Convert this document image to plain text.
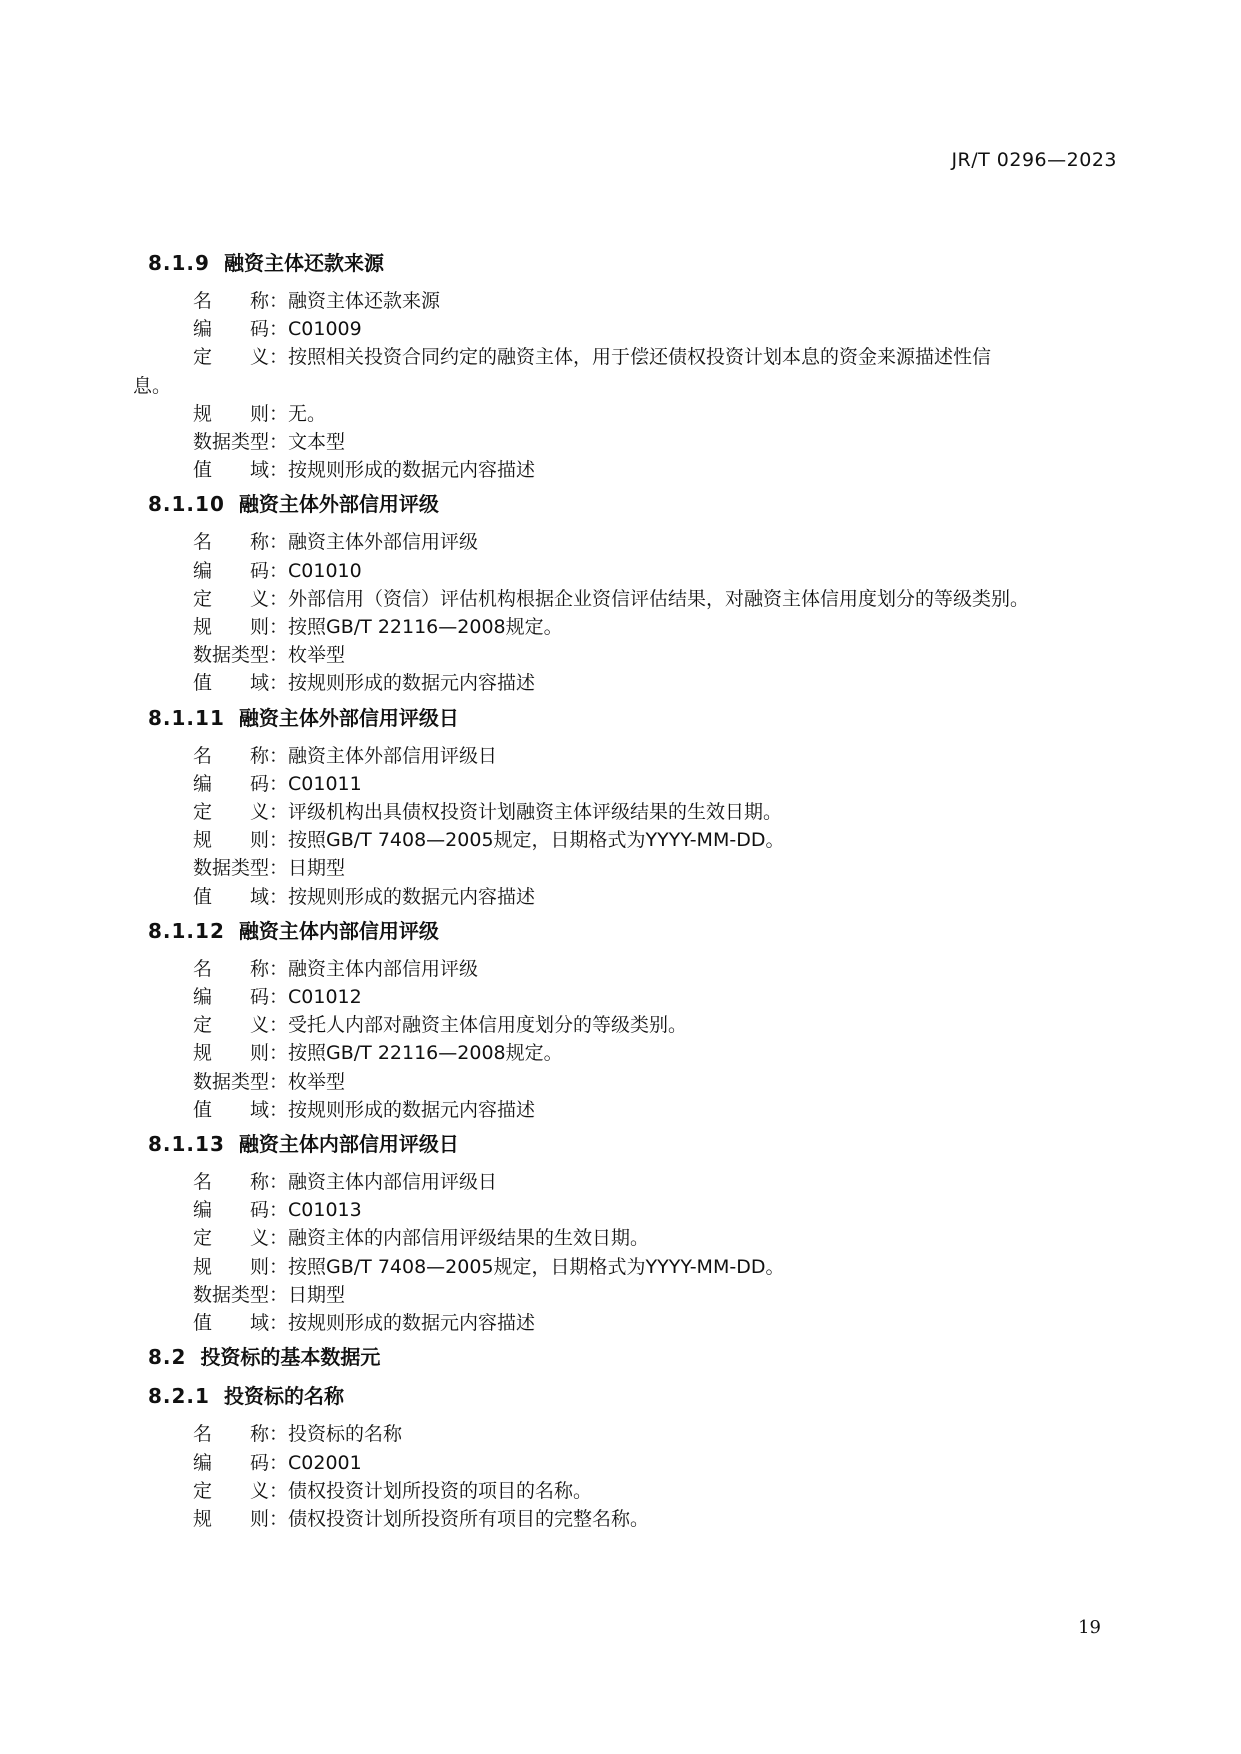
JR/T 0296—2023
8.1.9 融资主体还款来源
名　　称：融资主体还款来源
编　　码：C01009
定　　义：按照相关投资合同约定的融资主体，用于偿还债权投资计划本息的资金来源描述性信
息。
规　　则：无。
数据类型：文本型
值　　域：按规则形成的数据元内容描述
8.1.10 融资主体外部信用评级
名　　称：融资主体外部信用评级
编　　码：C01010
定　　义：外部信用（资信）评估机构根据企业资信评估结果，对融资主体信用度划分的等级类别。
规　　则：按照GB/T 22116—2008规定。
数据类型：枚举型
值　　域：按规则形成的数据元内容描述
8.1.11 融资主体外部信用评级日
名　　称：融资主体外部信用评级日
编　　码：C01011
定　　义：评级机构出具债权投资计划融资主体评级结果的生效日期。
规　　则：按照GB/T 7408—2005规定，日期格式为YYYY-MM-DD。
数据类型：日期型
值　　域：按规则形成的数据元内容描述
8.1.12 融资主体内部信用评级
名　　称：融资主体内部信用评级
编　　码：C01012
定　　义：受托人内部对融资主体信用度划分的等级类别。
规　　则：按照GB/T 22116—2008规定。
数据类型：枚举型
值　　域：按规则形成的数据元内容描述
8.1.13 融资主体内部信用评级日
名　　称：融资主体内部信用评级日
编　　码：C01013
定　　义：融资主体的内部信用评级结果的生效日期。
规　　则：按照GB/T 7408—2005规定，日期格式为YYYY-MM-DD。
数据类型：日期型
值　　域：按规则形成的数据元内容描述
8.2 投资标的基本数据元
8.2.1 投资标的名称
名　　称：投资标的名称
编　　码：C02001
定　　义：债权投资计划所投资的项目的名称。
规　　则：债权投资计划所投资所有项目的完整名称。
19
